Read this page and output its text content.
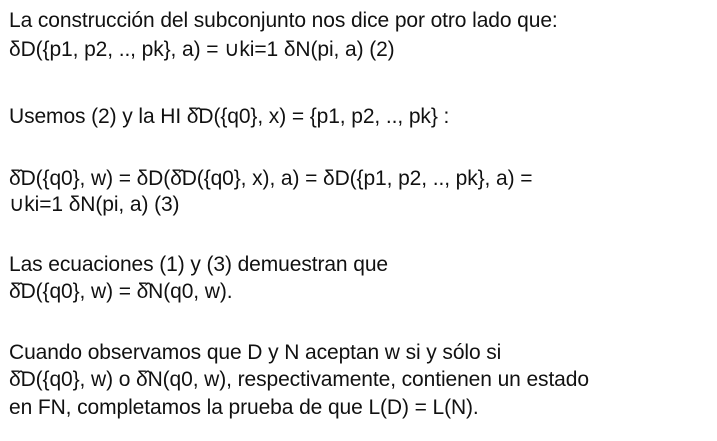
La construcción del subconjunto nos dice por otro lado que:
δD({p1, p2, .., pk}, a) = ∪ki=1 δN(pi, a) (2)
Usemos (2) y la HI δ̂D({q0}, x) = {p1, p2, .., pk} :
δ̂D({q0}, w) = δD(δ̂D({q0}, x), a) = δD({p1, p2, .., pk}, a) =
∪ki=1 δN(pi, a) (3)
Las ecuaciones (1) y (3) demuestran que
δ̂D({q0}, w) = δ̂N(q0, w).
Cuando observamos que D y N aceptan w si y sólo si
δ̂D({q0}, w) o δ̂N(q0, w), respectivamente, contienen un estado
en FN, completamos la prueba de que L(D) = L(N).
